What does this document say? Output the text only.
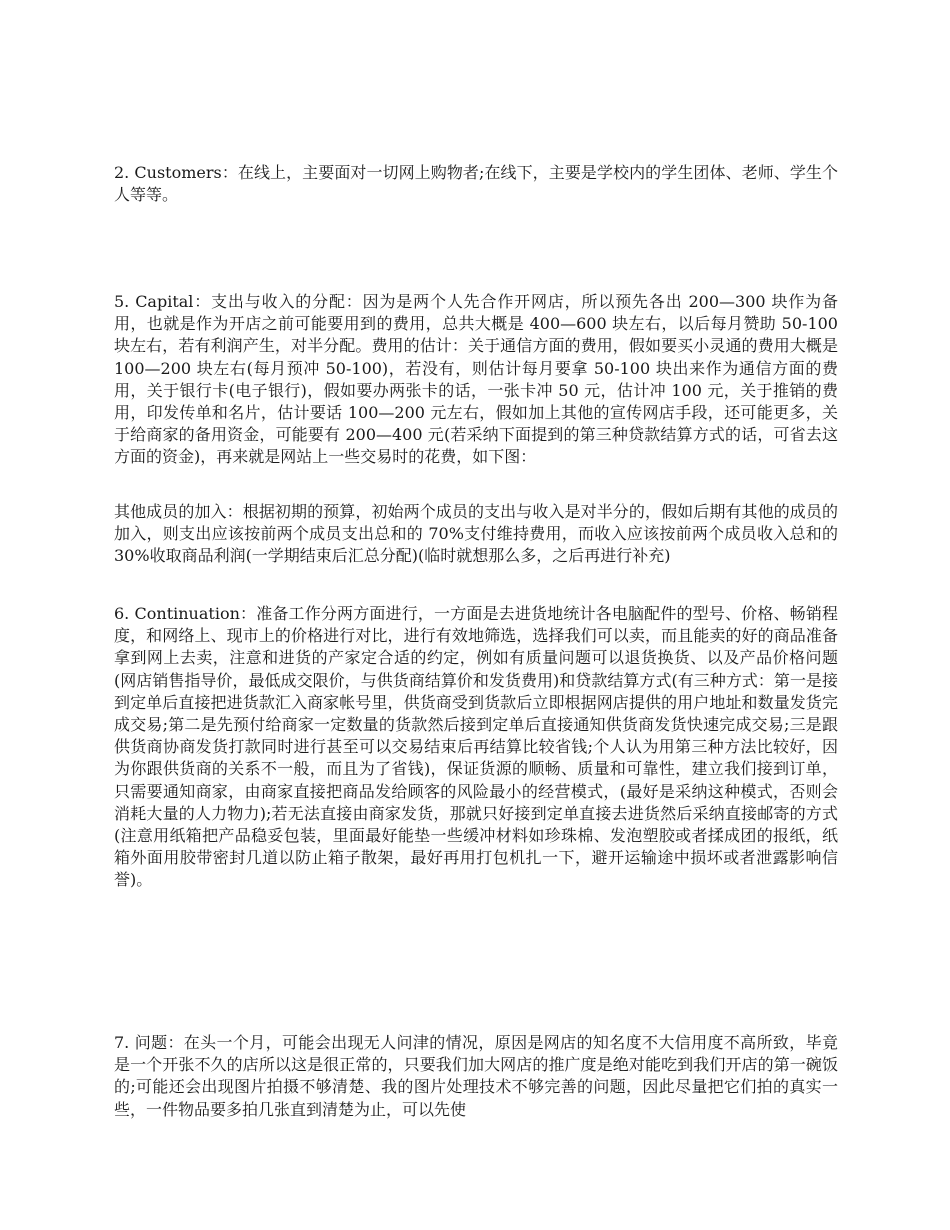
2. Customers：在线上，主要面对一切网上购物者;在线下，主要是学校内的学生团体、老师、学生个人等等。

5. Capital：支出与收入的分配：因为是两个人先合作开网店，所以预先各出 200—300 块作为备用，也就是作为开店之前可能要用到的费用，总共大概是 400—600 块左右，以后每月赞助 50-100 块左右，若有利润产生，对半分配。费用的估计：关于通信方面的费用，假如要买小灵通的费用大概是 100—200 块左右(每月预冲 50-100)，若没有，则估计每月要拿 50-100 块出来作为通信方面的费用，关于银行卡(电子银行)，假如要办两张卡的话，一张卡冲 50 元，估计冲 100 元，关于推销的费用，印发传单和名片，估计要话 100—200 元左右，假如加上其他的宣传网店手段，还可能更多，关于给商家的备用资金，可能要有 200—400 元(若采纳下面提到的第三种贷款结算方式的话，可省去这方面的资金)，再来就是网站上一些交易时的花费，如下图：

其他成员的加入：根据初期的预算，初始两个成员的支出与收入是对半分的，假如后期有其他的成员的加入，则支出应该按前两个成员支出总和的 70%支付维持费用，而收入应该按前两个成员收入总和的 30%收取商品利润(一学期结束后汇总分配)(临时就想那么多，之后再进行补充)

6. Continuation：准备工作分两方面进行，一方面是去进货地统计各电脑配件的型号、价格、畅销程度，和网络上、现市上的价格进行对比，进行有效地筛选，选择我们可以卖，而且能卖的好的商品准备拿到网上去卖，注意和进货的产家定合适的约定，例如有质量问题可以退货换货、以及产品价格问题(网店销售指导价，最低成交限价，与供货商结算价和发货费用)和贷款结算方式(有三种方式：第一是接到定单后直接把进货款汇入商家帐号里，供货商受到货款后立即根据网店提供的用户地址和数量发货完成交易;第二是先预付给商家一定数量的货款然后接到定单后直接通知供货商发货快速完成交易;三是跟供货商协商发货打款同时进行甚至可以交易结束后再结算比较省钱;个人认为用第三种方法比较好，因为你跟供货商的关系不一般，而且为了省钱)，保证货源的顺畅、质量和可靠性，建立我们接到订单，只需要通知商家，由商家直接把商品发给顾客的风险最小的经营模式，(最好是采纳这种模式，否则会消耗大量的人力物力);若无法直接由商家发货，那就只好接到定单直接去进货然后采纳直接邮寄的方式(注意用纸箱把产品稳妥包装，里面最好能垫一些缓冲材料如珍珠棉、发泡塑胶或者揉成团的报纸，纸箱外面用胶带密封几道以防止箱子散架，最好再用打包机扎一下，避开运输途中损坏或者泄露影响信誉)。

7. 问题：在头一个月，可能会出现无人问津的情况，原因是网店的知名度不大信用度不高所致，毕竟是一个开张不久的店所以这是很正常的，只要我们加大网店的推广度是绝对能吃到我们开店的第一碗饭的;可能还会出现图片拍摄不够清楚、我的图片处理技术不够完善的问题，因此尽量把它们拍的真实一些，一件物品要多拍几张直到清楚为止，可以先使
